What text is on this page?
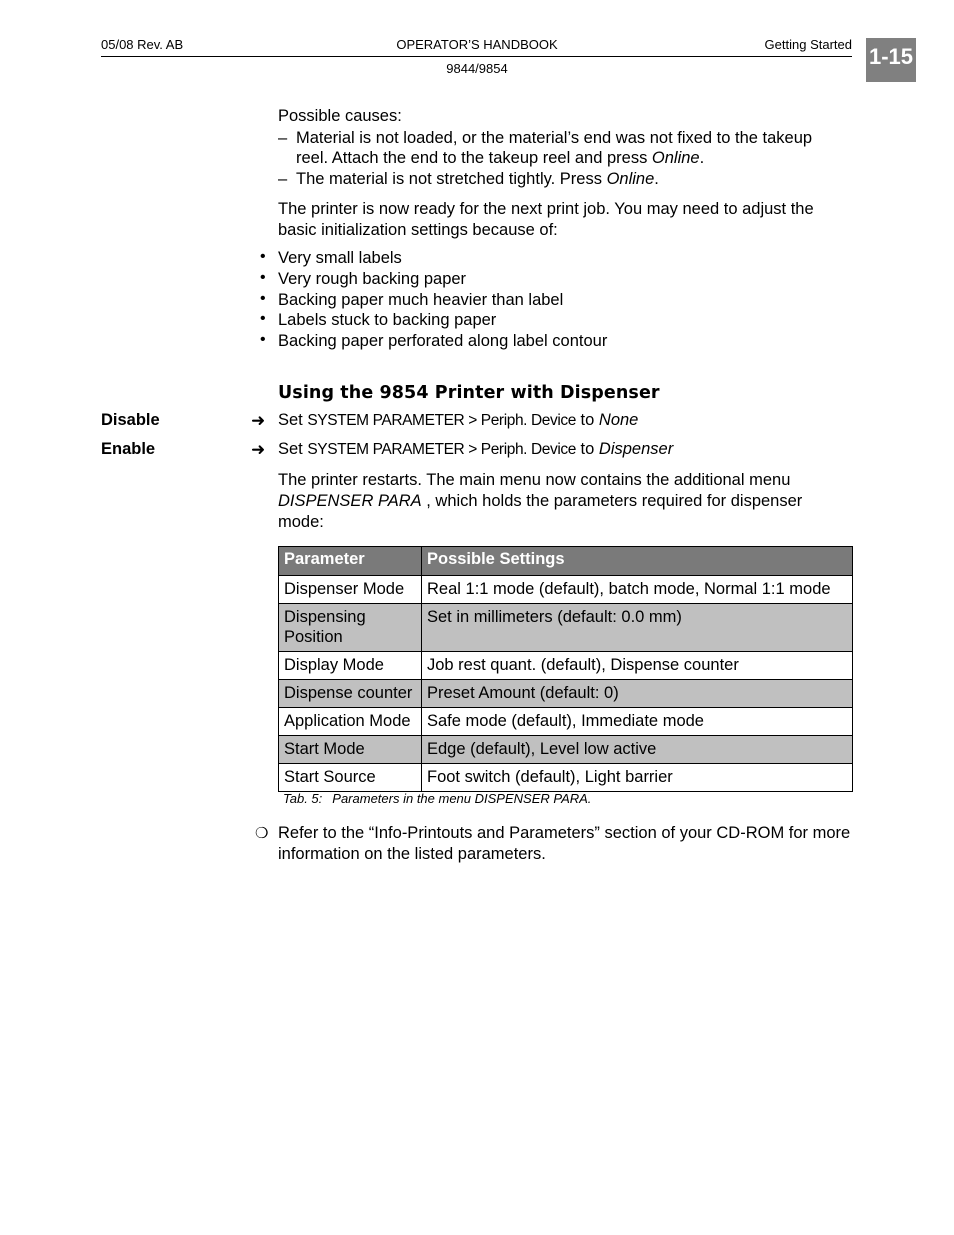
05/08 Rev. AB	OPERATOR’S HANDBOOK	Getting Started
9844/9854	1-15
Possible causes:
– Material is not loaded, or the material’s end was not fixed to the takeup reel. Attach the end to the takeup reel and press Online.
– The material is not stretched tightly. Press Online.
The printer is now ready for the next print job. You may need to adjust the basic initialization settings because of:
• Very small labels
• Very rough backing paper
• Backing paper much heavier than label
• Labels stuck to backing paper
• Backing paper perforated along label contour
Using the 9854 Printer with Dispenser
Disable	➜ Set SYSTEM PARAMETER > Periph. Device to None
Enable	➜ Set SYSTEM PARAMETER > Periph. Device to Dispenser
The printer restarts. The main menu now contains the additional menu
DISPENSER PARA , which holds the parameters required for dispenser
mode:
Parameter	Possible Settings
Dispenser Mode	Real 1:1 mode (default), batch mode, Normal 1:1 mode
Dispensing Position	Set in millimeters (default: 0.0 mm)
Display Mode	Job rest quant. (default), Dispense counter
Dispense counter	Preset Amount (default: 0)
Application Mode	Safe mode (default), Immediate mode
Start Mode	Edge (default), Level low active
Start Source	Foot switch (default), Light barrier
Tab. 5: Parameters in the menu DISPENSER PARA.
❍ Refer to the “Info-Printouts and Parameters” section of your CD-ROM for more information on the listed parameters.
